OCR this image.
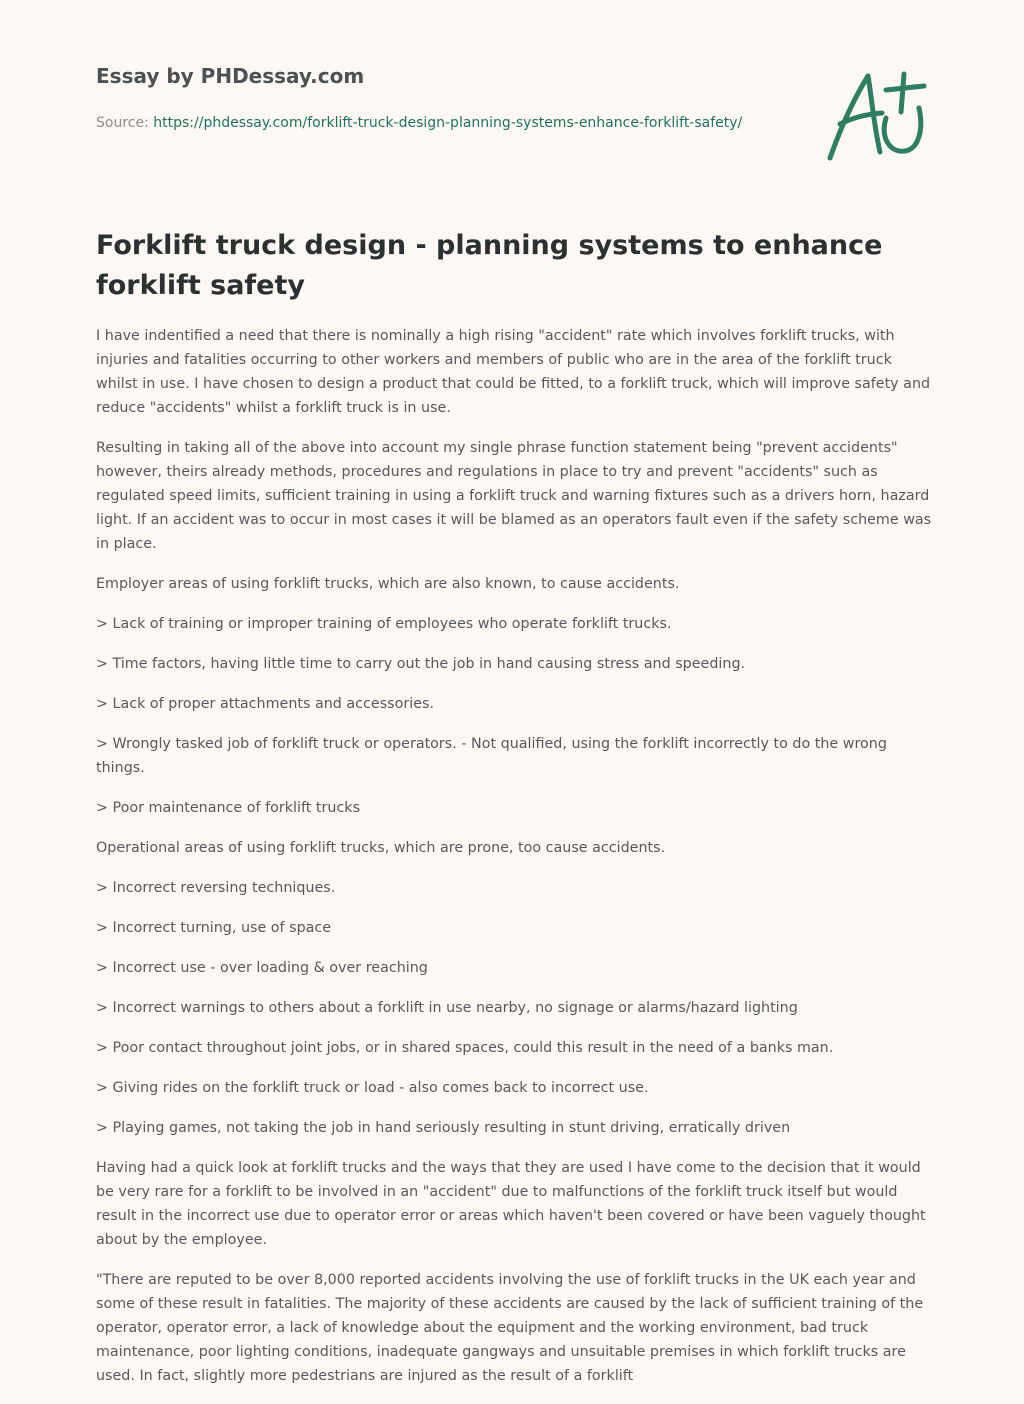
Essay by PHDessay.com
Source: https://phdessay.com/forklift-truck-design-planning-systems-enhance-forklift-safety/
Forklift truck design - planning systems to enhance forklift safety

I have indentified a need that there is nominally a high rising "accident" rate which involves forklift trucks, with injuries and fatalities occurring to other workers and members of public who are in the area of the forklift truck whilst in use. I have chosen to design a product that could be fitted, to a forklift truck, which will improve safety and reduce "accidents" whilst a forklift truck is in use.

Resulting in taking all of the above into account my single phrase function statement being "prevent accidents" however, theirs already methods, procedures and regulations in place to try and prevent "accidents" such as regulated speed limits, sufficient training in using a forklift truck and warning fixtures such as a drivers horn, hazard light. If an accident was to occur in most cases it will be blamed as an operators fault even if the safety scheme was in place.

Employer areas of using forklift trucks, which are also known, to cause accidents.

> Lack of training or improper training of employees who operate forklift trucks.

> Time factors, having little time to carry out the job in hand causing stress and speeding.

> Lack of proper attachments and accessories.

> Wrongly tasked job of forklift truck or operators. - Not qualified, using the forklift incorrectly to do the wrong things.

> Poor maintenance of forklift trucks

Operational areas of using forklift trucks, which are prone, too cause accidents.

> Incorrect reversing techniques.

> Incorrect turning, use of space

> Incorrect use - over loading & over reaching

> Incorrect warnings to others about a forklift in use nearby, no signage or alarms/hazard lighting

> Poor contact throughout joint jobs, or in shared spaces, could this result in the need of a banks man.

> Giving rides on the forklift truck or load - also comes back to incorrect use.

> Playing games, not taking the job in hand seriously resulting in stunt driving, erratically driven

Having had a quick look at forklift trucks and the ways that they are used I have come to the decision that it would be very rare for a forklift to be involved in an "accident" due to malfunctions of the forklift truck itself but would result in the incorrect use due to operator error or areas which haven't been covered or have been vaguely thought about by the employee.

"There are reputed to be over 8,000 reported accidents involving the use of forklift trucks in the UK each year and some of these result in fatalities. The majority of these accidents are caused by the lack of sufficient training of the operator, operator error, a lack of knowledge about the equipment and the working environment, bad truck maintenance, poor lighting conditions, inadequate gangways and unsuitable premises in which forklift trucks are used. In fact, slightly more pedestrians are injured as the result of a forklift
